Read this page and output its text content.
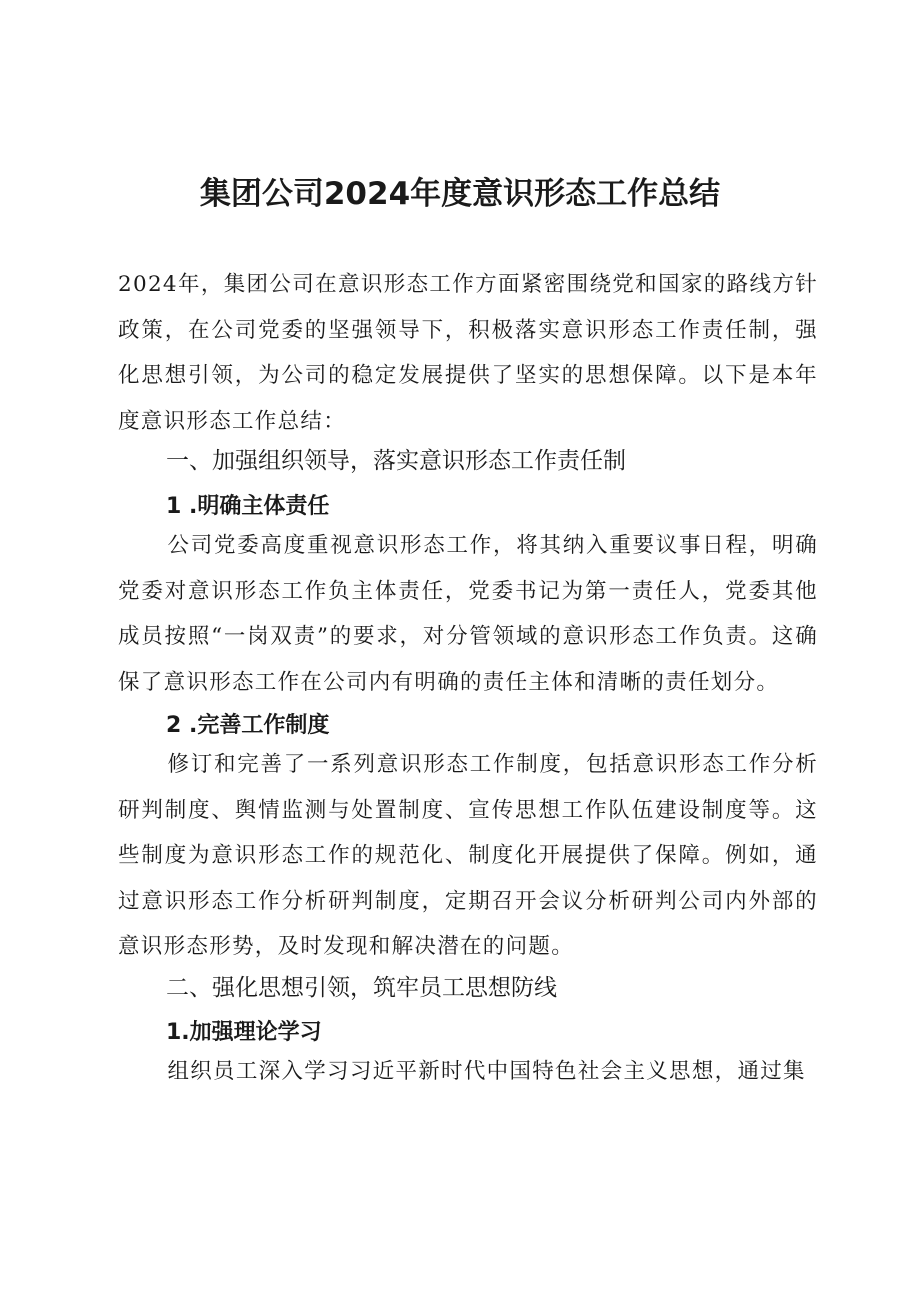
集团公司2024年度意识形态工作总结

2024年，集团公司在意识形态工作方面紧密围绕党和国家的路线方针政策，在公司党委的坚强领导下，积极落实意识形态工作责任制，强化思想引领，为公司的稳定发展提供了坚实的思想保障。以下是本年度意识形态工作总结：

一、加强组织领导，落实意识形态工作责任制
1 .明确主体责任

公司党委高度重视意识形态工作，将其纳入重要议事日程，明确党委对意识形态工作负主体责任，党委书记为第一责任人，党委其他成员按照“一岗双责”的要求，对分管领域的意识形态工作负责。这确保了意识形态工作在公司内有明确的责任主体和清晰的责任划分。

2 .完善工作制度

修订和完善了一系列意识形态工作制度，包括意识形态工作分析研判制度、舆情监测与处置制度、宣传思想工作队伍建设制度等。这些制度为意识形态工作的规范化、制度化开展提供了保障。例如，通过意识形态工作分析研判制度，定期召开会议分析研判公司内外部的意识形态形势，及时发现和解决潜在的问题。

二、强化思想引领，筑牢员工思想防线
1.加强理论学习

组织员工深入学习习近平新时代中国特色社会主义思想，通过集
